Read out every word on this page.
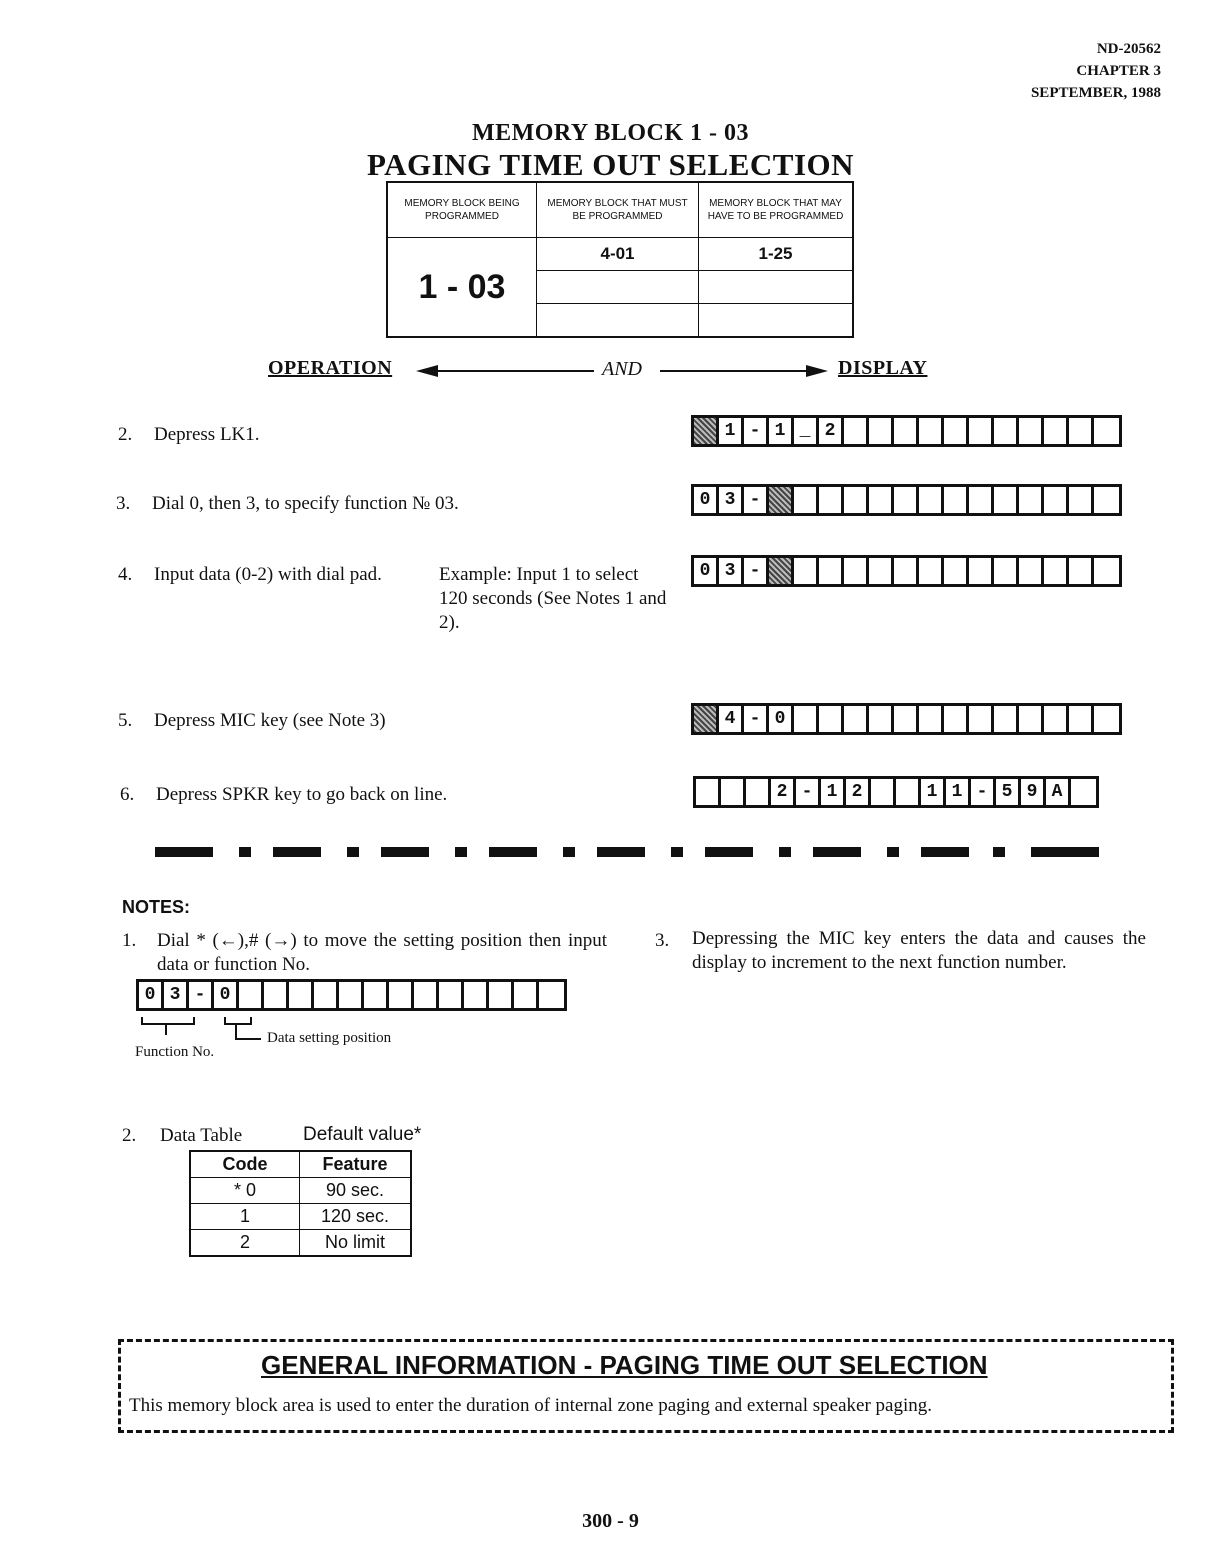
ND-20562
CHAPTER 3
SEPTEMBER, 1988
MEMORY BLOCK 1 - 03
PAGING TIME OUT SELECTION
MEMORY BLOCK BEING PROGRAMMED	MEMORY BLOCK THAT MUST BE PROGRAMMED	MEMORY BLOCK THAT MAY HAVE TO BE PROGRAMMED
1 - 03	4-01	1-25

OPERATION	AND	DISPLAY
2. Depress LK1.
3. Dial 0, then 3, to specify function № 03.
4. Input data (0-2) with dial pad.	Example: Input 1 to select 120 seconds (See Notes 1 and 2).
5. Depress MIC key (see Note 3)
6. Depress SPKR key to go back on line.
1 - 1 _ 2
0 3 -
0 3 -
4 - 0
2 - 1 2	1 1 - 5 9 A
NOTES:
1. Dial * (←),# (→) to move the setting position then input data or function No.
0 3 - 0
Function No.
Data setting position
3. Depressing the MIC key enters the data and causes the display to increment to the next function number.
2. Data Table	Default value*
Code	Feature
* 0	90 sec.
1	120 sec.
2	No limit
GENERAL INFORMATION - PAGING TIME OUT SELECTION
This memory block area is used to enter the duration of internal zone paging and external speaker paging.
300 - 9
